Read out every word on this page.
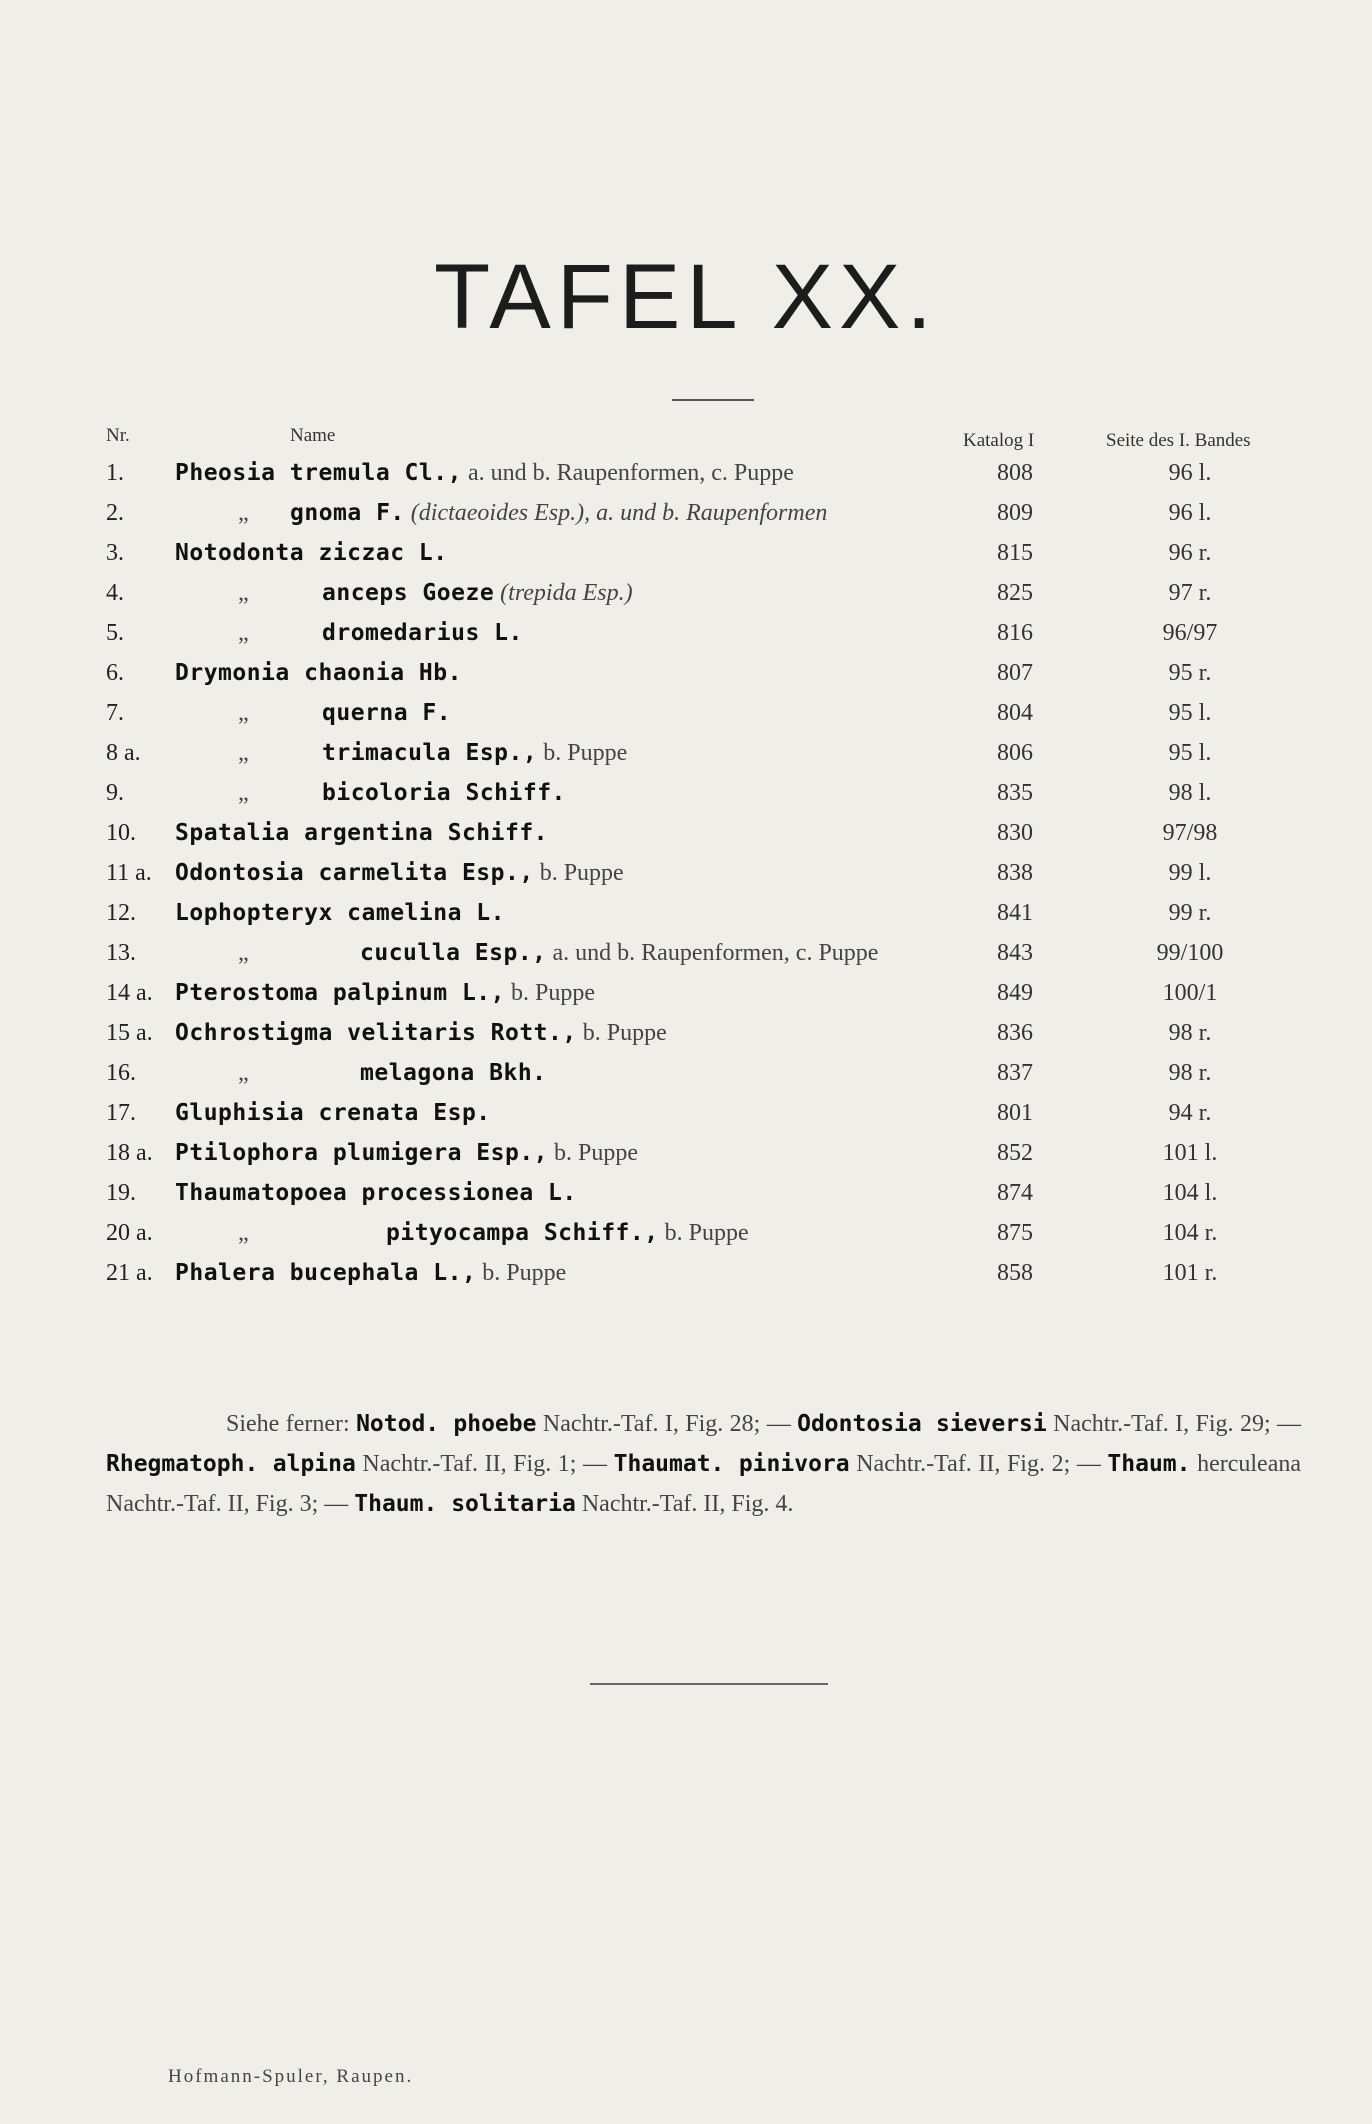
TAFEL XX.
Nr.	Name	Katalog I	Seite des I. Bandes
1.	Pheosia tremula Cl., a. und b. Raupenformen, c. Puppe	808	96 l.
2.	„ gnoma F. (dictaeoides Esp.), a. und b. Raupenformen	809	96 l.
3.	Notodonta ziczac L.	815	96 r.
4.	„	anceps Goeze (trepida Esp.)	825	97 r.
5.	„	dromedarius L.	816	96/97
6.	Drymonia chaonia Hb.	807	95 r.
7.	„	querna F.	804	95 l.
8 a.	„	trimacula Esp., b. Puppe	806	95 l.
9.	„	bicoloria Schiff.	835	98 l.
10.	Spatalia argentina Schiff.	830	97/98
11 a.	Odontosia carmelita Esp., b. Puppe	838	99 l.
12.	Lophopteryx camelina L.	841	99 r.
13.	„	cucullа Esp., a. und b. Raupenformen, c. Puppe	843	99/100
14 a. Pterostoma palpinum L., b. Puppe	849	100/1
15 a. Ochrostigma velitaris Rott., b. Puppe	836	98 r.
16.	„	melagona Bkh.	837	98 r.
17.	Gluphisia crenata Esp.	801	94 r.
18 a. Ptilophora plumigera Esp., b. Puppe	852	101 l.
19.	Thaumatopoea processionea L.	874	104 l.
20 a.	„	pityocampa Schiff., b. Puppe	875	104 r.
21 a. Phalera bucephala L., b. Puppe	858	101 r.
Siehe ferner: Notod. phoebe Nachtr.-Taf. I, Fig. 28; — Odontosia sieversi Nachtr.-Taf. I, Fig. 29; — Rhegmatoph. alpina Nachtr.-Taf. II, Fig. 1; — Thaumat. pinivora Nachtr.-Taf. II, Fig. 2; — Thaum. herculeana Nachtr.-Taf. II, Fig. 3; — Thaum. solitaria Nachtr.-Taf. II, Fig. 4.
Hofmann-Spuler, Raupen.
